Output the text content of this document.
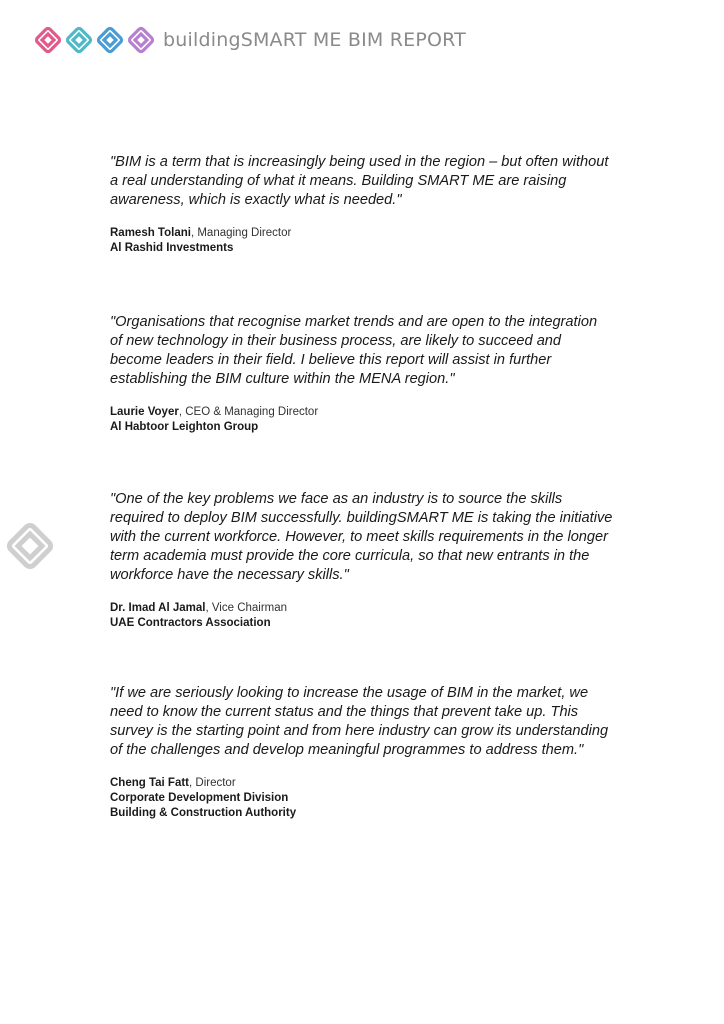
buildingSMART ME BIM REPORT

"BIM is a term that is increasingly being used in the region – but often without
a real understanding of what it means. Building SMART ME are raising
awareness, which is exactly what is needed."

Ramesh Tolani, Managing Director
Al Rashid Investments

"Organisations that recognise market trends and are open to the integration
of new technology in their business process, are likely to succeed and
become leaders in their field. I believe this report will assist in further
establishing the BIM culture within the MENA region."

Laurie Voyer, CEO & Managing Director
Al Habtoor Leighton Group

"One of the key problems we face as an industry is to source the skills
required to deploy BIM successfully. buildingSMART ME is taking the initiative
with the current workforce. However, to meet skills requirements in the longer
term academia must provide the core curricula, so that new entrants in the
workforce have the necessary skills."

Dr. Imad Al Jamal, Vice Chairman
UAE Contractors Association

"If we are seriously looking to increase the usage of BIM in the market, we
need to know the current status and the things that prevent take up. This
survey is the starting point and from here industry can grow its understanding
of the challenges and develop meaningful programmes to address them."

Cheng Tai Fatt, Director
Corporate Development Division
Building & Construction Authority
